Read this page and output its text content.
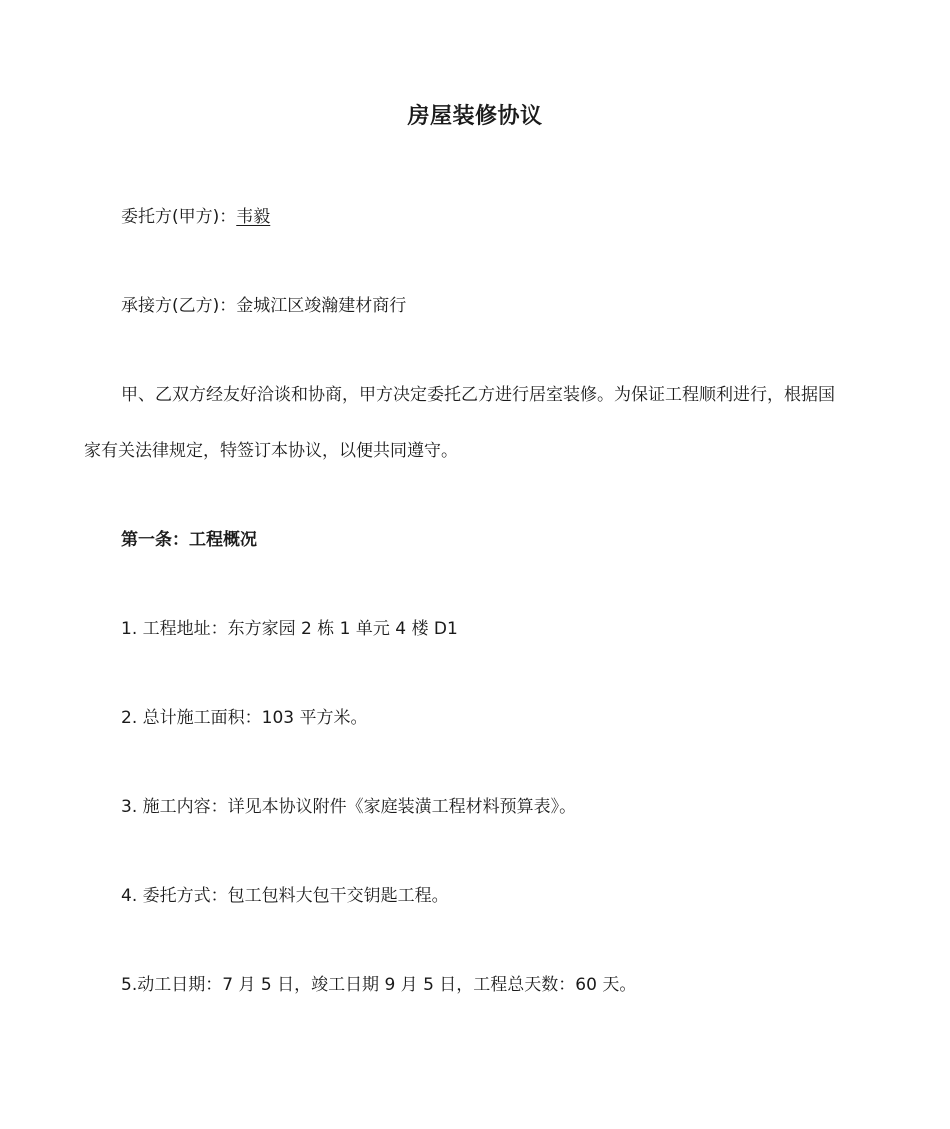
房屋装修协议
委托方(甲方)：韦毅
承接方(乙方)：金城江区竣瀚建材商行
甲、乙双方经友好洽谈和协商，甲方决定委托乙方进行居室装修。为保证工程顺利进行，根据国
家有关法律规定，特签订本协议，以便共同遵守。
第一条：工程概况
1. 工程地址：东方家园 2 栋 1 单元 4 楼 D1
2. 总计施工面积：103 平方米。
3. 施工内容：详见本协议附件《家庭装潢工程材料预算表》。
4. 委托方式：包工包料大包干交钥匙工程。
5.动工日期：7 月 5 日，竣工日期 9 月 5 日，工程总天数：60 天。
